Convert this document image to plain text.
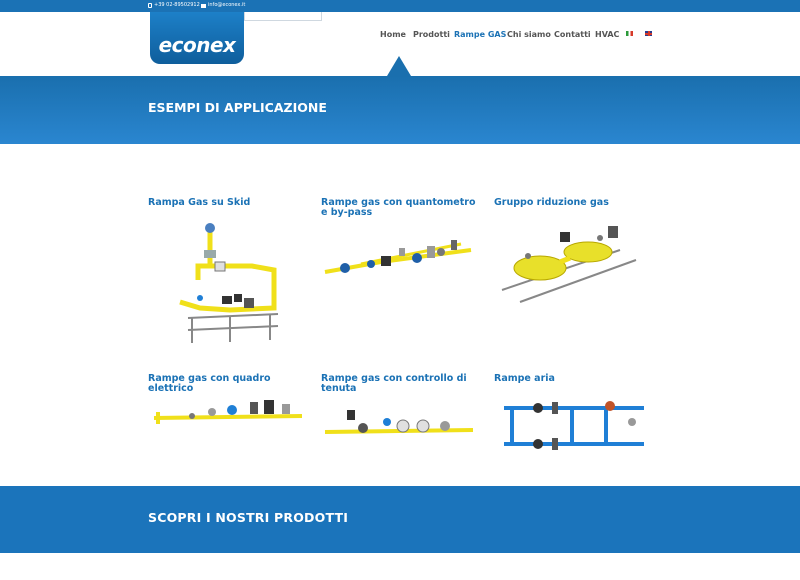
+39 02-89502912 info@econex.it
econex	Home Prodotti Rampe GAS Chi siamo Contatti HVAC
ESEMPI DI APPLICAZIONE
Rampa Gas su Skid	Rampe gas con quantometro e by-pass
Gruppo riduzione gas
Rampe gas con quadro elettrico
Rampe gas con controllo di tenuta
Rampe aria
SCOPRI I NOSTRI PRODOTTI
